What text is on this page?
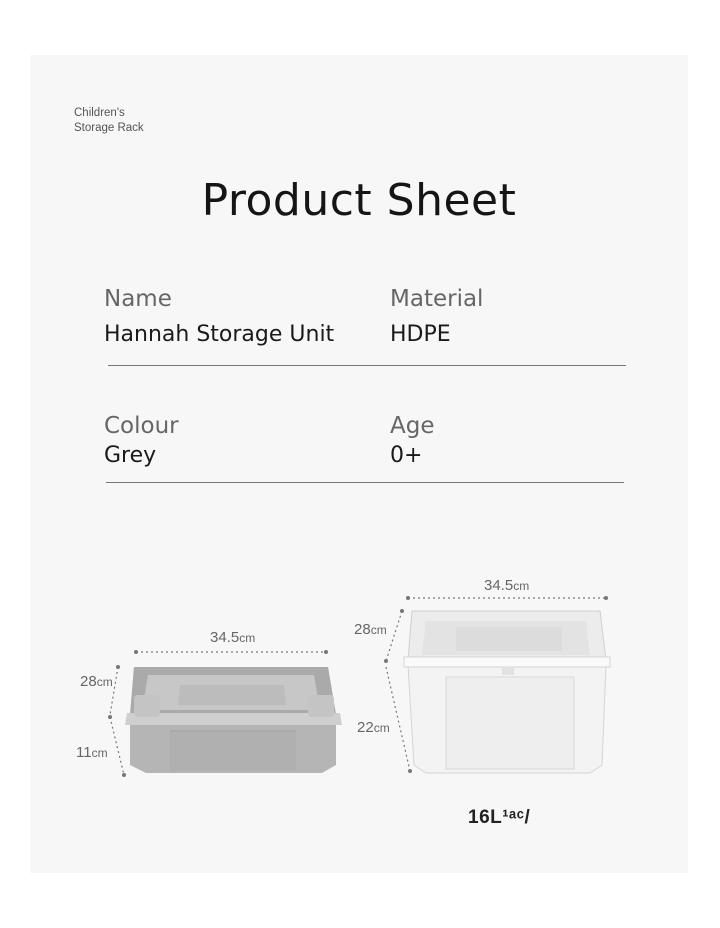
Children's
Storage Rack
Product Sheet
Name
Hannah Storage Unit
Material
HDPE
Colour
Grey
Age
0+
34.5cm
28cm
11cm
34.5cm
28cm
22cm
16L¹ᵃᶜ/
